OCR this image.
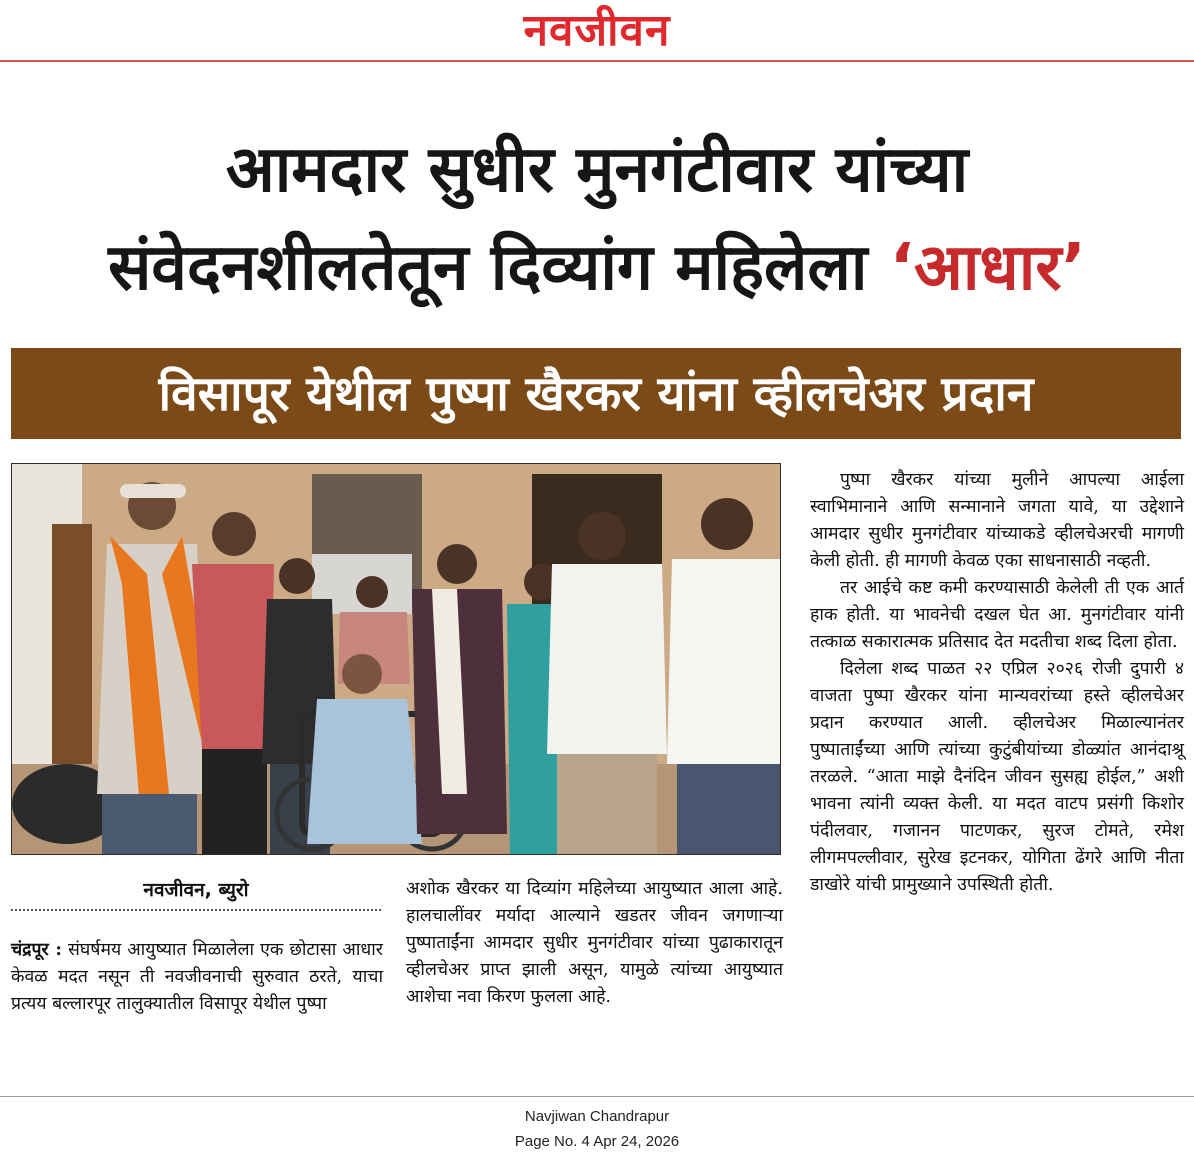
नवजीवन
आमदार सुधीर मुनगंटीवार यांच्या
संवेदनशीलतेतून दिव्यांग महिलेला ‘आधार’
विसापूर येथील पुष्पा खैरकर यांना व्हीलचेअर प्रदान
नवजीवन, ब्युरो

चंद्रपूर : संघर्षमय आयुष्यात मिळालेला एक छोटासा आधार केवळ मदत नसून ती नवजीवनाची सुरुवात ठरते, याचा प्रत्यय बल्लारपूर तालुक्यातील विसापूर येथील पुष्पा

अशोक खैरकर या दिव्यांग महिलेच्या आयुष्यात आला आहे. हालचालींवर मर्यादा आल्याने खडतर जीवन जगणाऱ्या पुष्पाताईंना आमदार सुधीर मुनगंटीवार यांच्या पुढाकारातून व्हीलचेअर प्राप्त झाली असून, यामुळे त्यांच्या आयुष्यात आशेचा नवा किरण फुलला आहे.

पुष्पा खैरकर यांच्या मुलीने आपल्या आईला स्वाभिमानाने आणि सन्मानाने जगता यावे, या उद्देशाने आमदार सुधीर मुनगंटीवार यांच्याकडे व्हीलचेअरची मागणी केली होती. ही मागणी केवळ एका साधनासाठी नव्हती.

तर आईचे कष्ट कमी करण्यासाठी केलेली ती एक आर्त हाक होती. या भावनेची दखल घेत आ. मुनगंटीवार यांनी तत्काळ सकारात्मक प्रतिसाद देत मदतीचा शब्द दिला होता.

दिलेला शब्द पाळत २२ एप्रिल २०२६ रोजी दुपारी ४ वाजता पुष्पा खैरकर यांना मान्यवरांच्या हस्ते व्हीलचेअर प्रदान करण्यात आली. व्हीलचेअर मिळाल्यानंतर पुष्पाताईंच्या आणि त्यांच्या कुटुंबीयांच्या डोळ्यांत आनंदाश्रू तरळले. “आता माझे दैनंदिन जीवन सुसह्य होईल,” अशी भावना त्यांनी व्यक्त केली. या मदत वाटप प्रसंगी किशोर पंदीलवार, गजानन पाटणकर, सुरज टोमते, रमेश लीगमपल्लीवार, सुरेख इटनकर, योगिता ढेंगरे आणि नीता डाखोरे यांची प्रामुख्याने उपस्थिती होती.

Navjiwan Chandrapur
Page No. 4 Apr 24, 2026
